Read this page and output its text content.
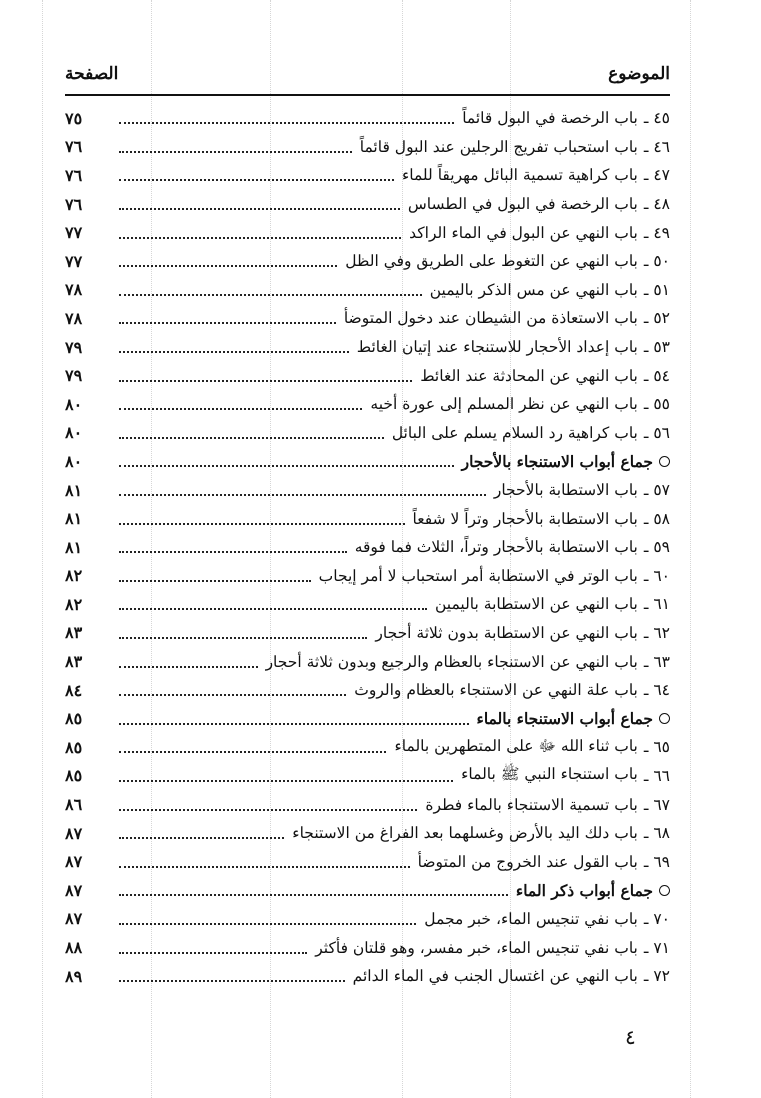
الموضوع
الصفحة
٤٥ ـ
باب الرخصة في البول قائماً
٧٥
٤٦ ـ
باب استحباب تفريج الرجلين عند البول قائماً
٧٦
٤٧ ـ
باب كراهية تسمية البائل مهريقاً للماء
٧٦
٤٨ ـ
باب الرخصة في البول في الطساس
٧٦
٤٩ ـ
باب النهي عن البول في الماء الراكد
٧٧
٥٠ ـ
باب النهي عن التغوط على الطريق وفي الظل
٧٧
٥١ ـ
باب النهي عن مس الذكر باليمين
٧٨
٥٢ ـ
باب الاستعاذة من الشيطان عند دخول المتوضأ
٧٨
٥٣ ـ
باب إعداد الأحجار للاستنجاء عند إتيان الغائط
٧٩
٥٤ ـ
باب النهي عن المحادثة عند الغائط
٧٩
٥٥ ـ
باب النهي عن نظر المسلم إلى عورة أخيه
٨٠
٥٦ ـ
باب كراهية رد السلام يسلم على البائل
٨٠
جماع أبواب الاستنجاء بالأحجار
٨٠
٥٧ ـ
باب الاستطابة بالأحجار
٨١
٥٨ ـ
باب الاستطابة بالأحجار وتراً لا شفعاً
٨١
٥٩ ـ
باب الاستطابة بالأحجار وتراً، الثلاث فما فوقه
٨١
٦٠ ـ
باب الوتر في الاستطابة أمر استحباب لا أمر إيجاب
٨٢
٦١ ـ
باب النهي عن الاستطابة باليمين
٨٢
٦٢ ـ
باب النهي عن الاستطابة بدون ثلاثة أحجار
٨٣
٦٣ ـ
باب النهي عن الاستنجاء بالعظام والرجيع وبدون ثلاثة أحجار
٨٣
٦٤ ـ
باب علة النهي عن الاستنجاء بالعظام والروث
٨٤
جماع أبواب الاستنجاء بالماء
٨٥
٦٥ ـ
باب ثناء الله ﷻ على المتطهرين بالماء
٨٥
٦٦ ـ
باب استنجاء النبي ﷺ بالماء
٨٥
٦٧ ـ
باب تسمية الاستنجاء بالماء فطرة
٨٦
٦٨ ـ
باب دلك اليد بالأرض وغسلهما بعد الفراغ من الاستنجاء
٨٧
٦٩ ـ
باب القول عند الخروج من المتوضأ
٨٧
جماع أبواب ذكر الماء
٨٧
٧٠ ـ
باب نفي تنجيس الماء، خبر مجمل
٨٧
٧١ ـ
باب نفي تنجيس الماء، خبر مفسر، وهو قلتان فأكثر
٨٨
٧٢ ـ
باب النهي عن اغتسال الجنب في الماء الدائم
٨٩
٤
